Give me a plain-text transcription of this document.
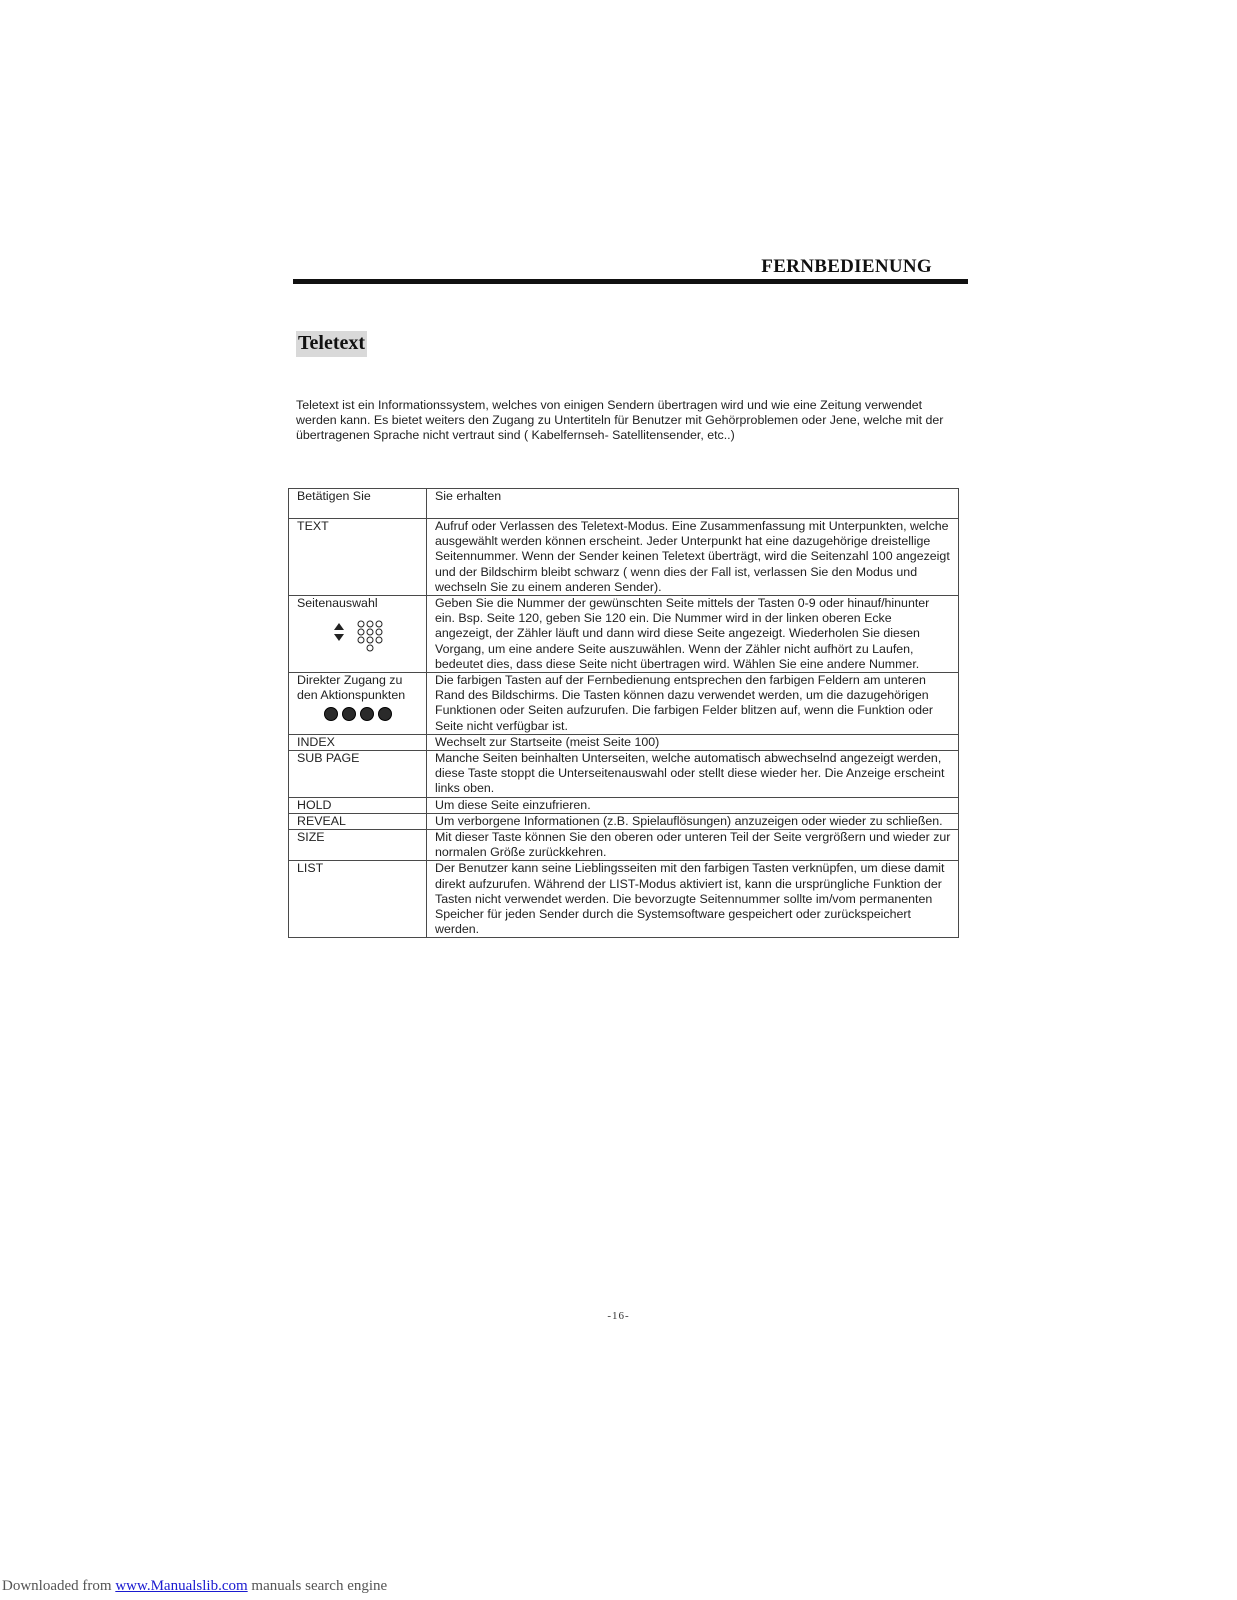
FERNBEDIENUNG
Teletext

Teletext ist ein Informationssystem, welches von einigen Sendern übertragen wird und wie eine Zeitung verwendet werden kann. Es bietet weiters den Zugang zu Untertiteln für Benutzer mit Gehörproblemen oder Jene, welche mit der übertragenen Sprache nicht vertraut sind ( Kabelfernseh- Satellitensender, etc..)

Betätigen Sie	Sie erhalten
TEXT	Aufruf oder Verlassen des Teletext-Modus. Eine Zusammenfassung mit Unterpunkten, welche ausgewählt werden können erscheint. Jeder Unterpunkt hat eine dazugehörige dreistellige Seitennummer. Wenn der Sender keinen Teletext überträgt, wird die Seitenzahl 100 angezeigt und der Bildschirm bleibt schwarz ( wenn dies der Fall ist, verlassen Sie den Modus und wechseln Sie zu einem anderen Sender).
Seitenauswahl	Geben Sie die Nummer der gewünschten Seite mittels der Tasten 0-9 oder hinauf/hinunter ein. Bsp. Seite 120, geben Sie 120 ein. Die Nummer wird in der linken oberen Ecke angezeigt, der Zähler läuft und dann wird diese Seite angezeigt. Wiederholen Sie diesen Vorgang, um eine andere Seite auszuwählen. Wenn der Zähler nicht aufhört zu Laufen, bedeutet dies, dass diese Seite nicht übertragen wird. Wählen Sie eine andere Nummer.
Direkter Zugang zu den Aktionspunkten	Die farbigen Tasten auf der Fernbedienung entsprechen den farbigen Feldern am unteren Rand des Bildschirms. Die Tasten können dazu verwendet werden, um die dazugehörigen Funktionen oder Seiten aufzurufen. Die farbigen Felder blitzen auf, wenn die Funktion oder Seite nicht verfügbar ist.
INDEX	Wechselt zur Startseite (meist Seite 100)
SUB PAGE	Manche Seiten beinhalten Unterseiten, welche automatisch abwechselnd angezeigt werden, diese Taste stoppt die Unterseitenauswahl oder stellt diese wieder her. Die Anzeige erscheint links oben.
HOLD	Um diese Seite einzufrieren.
REVEAL	Um verborgene Informationen (z.B. Spielauflösungen) anzuzeigen oder wieder zu schließen.
SIZE	Mit dieser Taste können Sie den oberen oder unteren Teil der Seite vergrößern und wieder zur normalen Größe zurückkehren.
LIST	Der Benutzer kann seine Lieblingsseiten mit den farbigen Tasten verknüpfen, um diese damit direkt aufzurufen. Während der LIST-Modus aktiviert ist, kann die ursprüngliche Funktion der Tasten nicht verwendet werden. Die bevorzugte Seitennummer sollte im/vom permanenten Speicher für jeden Sender durch die Systemsoftware gespeichert oder zurückspeichert werden.
-16-
Downloaded from www.Manualslib.com manuals search engine
